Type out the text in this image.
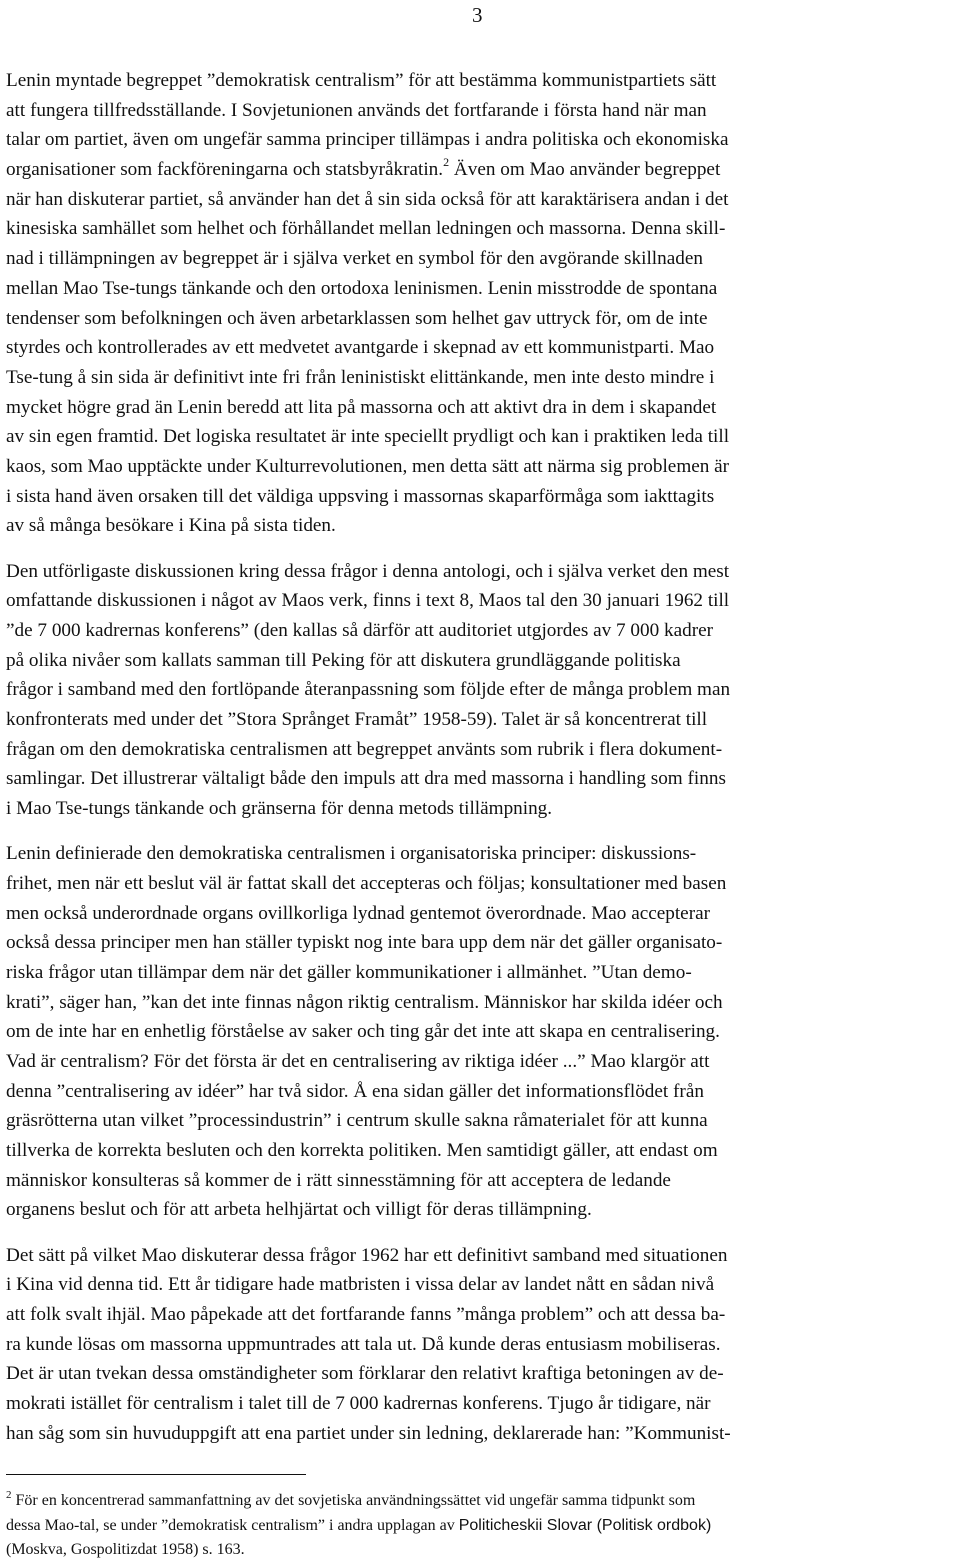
3
Lenin myntade begreppet ”demokratisk centralism” för att bestämma kommunistpartiets sätt
att fungera tillfredsställande. I Sovjetunionen används det fortfarande i första hand när man
talar om partiet, även om ungefär samma principer tillämpas i andra politiska och ekonomiska
organisationer som fackföreningarna och statsbyråkratin.$^2$ Även om Mao använder begreppet
när han diskuterar partiet, så använder han det å sin sida också för att karaktärisera andan i det
kinesiska samhället som helhet och förhållandet mellan ledningen och massorna. Denna skill-
nad i tillämpningen av begreppet är i själva verket en symbol för den avgörande skillnaden
mellan Mao Tse-tungs tänkande och den ortodoxa leninismen. Lenin misstrodde de spontana
tendenser som befolkningen och även arbetarklassen som helhet gav uttryck för, om de inte
styrdes och kontrollerades av ett medvetet avantgarde i skepnad av ett kommunistparti. Mao
Tse-tung å sin sida är definitivt inte fri från leninistiskt elittänkande, men inte desto mindre i
mycket högre grad än Lenin beredd att lita på massorna och att aktivt dra in dem i skapandet
av sin egen framtid. Det logiska resultatet är inte speciellt prydligt och kan i praktiken leda till
kaos, som Mao upptäckte under Kulturrevolutionen, men detta sätt att närma sig problemen är
i sista hand även orsaken till det väldiga uppsving i massornas skaparförmåga som iakttagits
av så många besökare i Kina på sista tiden.
Den utförligaste diskussionen kring dessa frågor i denna antologi, och i själva verket den mest
omfattande diskussionen i något av Maos verk, finns i text 8, Maos tal den 30 januari 1962 till
”de 7 000 kadrernas konferens” (den kallas så därför att auditoriet utgjordes av 7 000 kadrer
på olika nivåer som kallats samman till Peking för att diskutera grundläggande politiska
frågor i samband med den fortlöpande återanpassning som följde efter de många problem man
konfronterats med under det ”Stora Språnget Framåt” 1958-59). Talet är så koncentrerat till
frågan om den demokratiska centralismen att begreppet använts som rubrik i flera dokument-
samlingar. Det illustrerar vältaligt både den impuls att dra med massorna i handling som finns
i Mao Tse-tungs tänkande och gränserna för denna metods tillämpning.
Lenin definierade den demokratiska centralismen i organisatoriska principer: diskussions-
frihet, men när ett beslut väl är fattat skall det accepteras och följas; konsultationer med basen
men också underordnade organs ovillkorliga lydnad gentemot överordnade. Mao accepterar
också dessa principer men han ställer typiskt nog inte bara upp dem när det gäller organisato-
riska frågor utan tillämpar dem när det gäller kommunikationer i allmänhet. ”Utan demo-
krati”, säger han, ”kan det inte finnas någon riktig centralism. Människor har skilda idéer och
om de inte har en enhetlig förståelse av saker och ting går det inte att skapa en centralisering.
Vad är centralism? För det första är det en centralisering av riktiga idéer ...” Mao klargör att
denna ”centralisering av idéer” har två sidor. Å ena sidan gäller det informationsflödet från
gräsrötterna utan vilket ”processindustrin” i centrum skulle sakna råmaterialet för att kunna
tillverka de korrekta besluten och den korrekta politiken. Men samtidigt gäller, att endast om
människor konsulteras så kommer de i rätt sinnesstämning för att acceptera de ledande
organens beslut och för att arbeta helhjärtat och villigt för deras tillämpning.
Det sätt på vilket Mao diskuterar dessa frågor 1962 har ett definitivt samband med situationen
i Kina vid denna tid. Ett år tidigare hade matbristen i vissa delar av landet nått en sådan nivå
att folk svalt ihjäl. Mao påpekade att det fortfarande fanns ”många problem” och att dessa ba-
ra kunde lösas om massorna uppmuntrades att tala ut. Då kunde deras entusiasm mobiliseras.
Det är utan tvekan dessa omständigheter som förklarar den relativt kraftiga betoningen av de-
mokrati istället för centralism i talet till de 7 000 kadrernas konferens. Tjugo år tidigare, när
han såg som sin huvuduppgift att ena partiet under sin ledning, deklarerade han: ”Kommunist-
$^2$ För en koncentrerad sammanfattning av det sovjetiska användningssättet vid ungefär samma tidpunkt som
dessa Mao-tal, se under ”demokratisk centralism” i andra upplagan av Politicheskii Slovar (Politisk ordbok)
(Moskva, Gospolitizdat 1958) s. 163.
